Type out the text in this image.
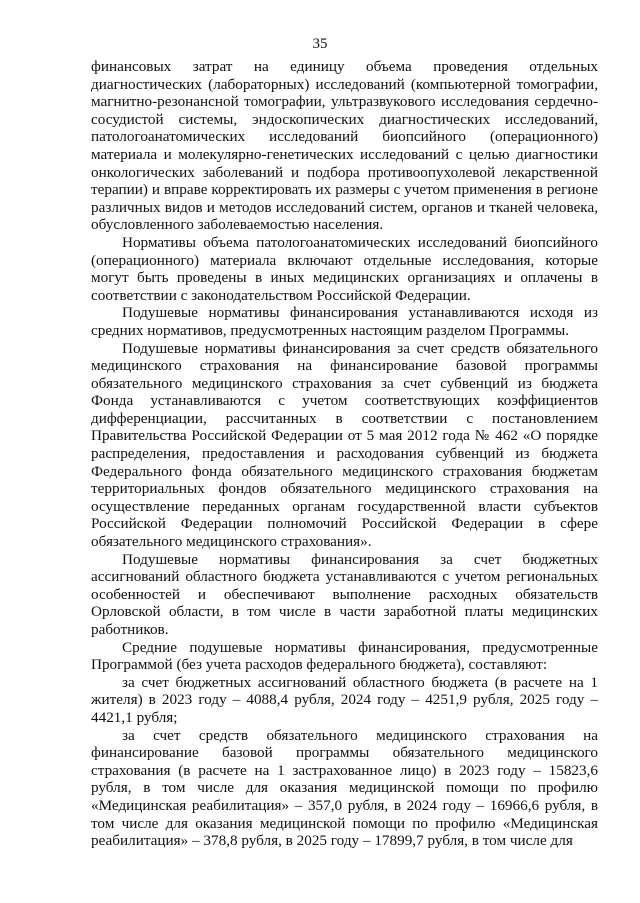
35

финансовых затрат на единицу объема проведения отдельных диагностических (лабораторных) исследований (компьютерной томографии, магнитно-резонансной томографии, ультразвукового исследования сердечно-сосудистой системы, эндоскопических диагностических исследований, патологоанатомических исследований биопсийного (операционного) материала и молекулярно-генетических исследований с целью диагностики онкологических заболеваний и подбора противоопухолевой лекарственной терапии) и вправе корректировать их размеры с учетом применения в регионе различных видов и методов исследований систем, органов и тканей человека, обусловленного заболеваемостью населения.

Нормативы объема патологоанатомических исследований биопсийного (операционного) материала включают отдельные исследования, которые могут быть проведены в иных медицинских организациях и оплачены в соответствии с законодательством Российской Федерации.

Подушевые нормативы финансирования устанавливаются исходя из средних нормативов, предусмотренных настоящим разделом Программы.

Подушевые нормативы финансирования за счет средств обязательного медицинского страхования на финансирование базовой программы обязательного медицинского страхования за счет субвенций из бюджета Фонда устанавливаются с учетом соответствующих коэффициентов дифференциации, рассчитанных в соответствии с постановлением Правительства Российской Федерации от 5 мая 2012 года № 462 «О порядке распределения, предоставления и расходования субвенций из бюджета Федерального фонда обязательного медицинского страхования бюджетам территориальных фондов обязательного медицинского страхования на осуществление переданных органам государственной власти субъектов Российской Федерации полномочий Российской Федерации в сфере обязательного медицинского страхования».

Подушевые нормативы финансирования за счет бюджетных ассигнований областного бюджета устанавливаются с учетом региональных особенностей и обеспечивают выполнение расходных обязательств Орловской области, в том числе в части заработной платы медицинских работников.

Средние подушевые нормативы финансирования, предусмотренные Программой (без учета расходов федерального бюджета), составляют:

за счет бюджетных ассигнований областного бюджета (в расчете на 1 жителя) в 2023 году – 4088,4 рубля, 2024 году – 4251,9 рубля, 2025 году – 4421,1 рубля;

за счет средств обязательного медицинского страхования на финансирование базовой программы обязательного медицинского страхования (в расчете на 1 застрахованное лицо) в 2023 году – 15823,6 рубля, в том числе для оказания медицинской помощи по профилю «Медицинская реабилитация» – 357,0 рубля, в 2024 году – 16966,6 рубля, в том числе для оказания медицинской помощи по профилю «Медицинская реабилитация» – 378,8 рубля, в 2025 году – 17899,7 рубля, в том числе для
